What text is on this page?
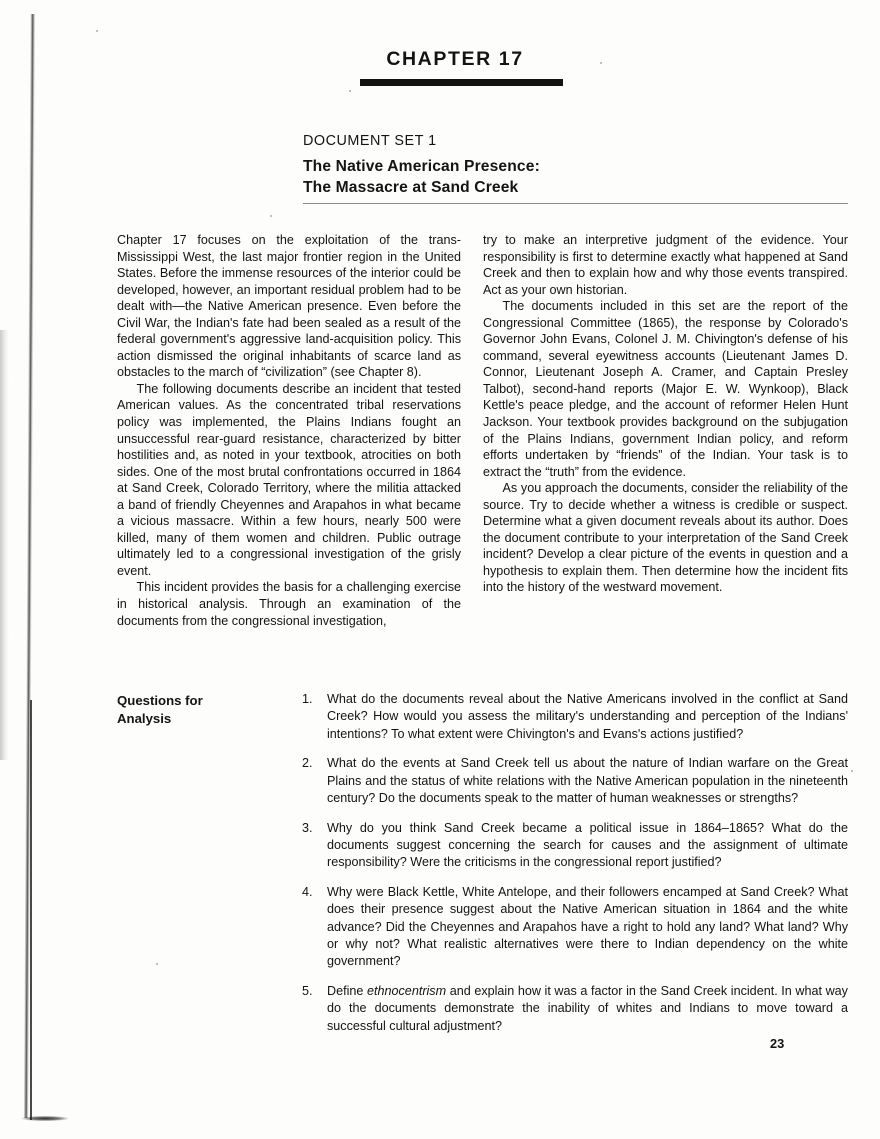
CHAPTER 17
DOCUMENT SET 1
The Native American Presence:
The Massacre at Sand Creek

Chapter 17 focuses on the exploitation of the trans-Mississippi West, the last major frontier region in the United States. Before the immense resources of the interior could be developed, however, an important residual problem had to be dealt with—the Native American presence. Even before the Civil War, the Indian's fate had been sealed as a result of the federal government's aggressive land-acquisition policy. This action dismissed the original inhabitants of scarce land as obstacles to the march of “civilization” (see Chapter 8).

The following documents describe an incident that tested American values. As the concentrated tribal reservations policy was implemented, the Plains Indians fought an unsuccessful rear-guard resistance, characterized by bitter hostilities and, as noted in your textbook, atrocities on both sides. One of the most brutal confrontations occurred in 1864 at Sand Creek, Colorado Territory, where the militia attacked a band of friendly Cheyennes and Arapahos in what became a vicious massacre. Within a few hours, nearly 500 were killed, many of them women and children. Public outrage ultimately led to a congressional investigation of the grisly event.

This incident provides the basis for a challenging exercise in historical analysis. Through an examination of the documents from the congressional investigation,

try to make an interpretive judgment of the evidence. Your responsibility is first to determine exactly what happened at Sand Creek and then to explain how and why those events transpired. Act as your own historian.

The documents included in this set are the report of the Congressional Committee (1865), the response by Colorado's Governor John Evans, Colonel J. M. Chivington's defense of his command, several eyewitness accounts (Lieutenant James D. Connor, Lieutenant Joseph A. Cramer, and Captain Presley Talbot), second-hand reports (Major E. W. Wynkoop), Black Kettle's peace pledge, and the account of reformer Helen Hunt Jackson. Your textbook provides background on the subjugation of the Plains Indians, government Indian policy, and reform efforts undertaken by “friends” of the Indian. Your task is to extract the “truth” from the evidence.

As you approach the documents, consider the reliability of the source. Try to decide whether a witness is credible or suspect. Determine what a given document reveals about its author. Does the document contribute to your interpretation of the Sand Creek incident? Develop a clear picture of the events in question and a hypothesis to explain them. Then determine how the incident fits into the history of the westward movement.

Questions for
Analysis
1.	What do the documents reveal about the Native Americans involved in the conflict at Sand Creek? How would you assess the military's understanding and perception of the Indians' intentions? To what extent were Chivington's and Evans's actions justified?
2.	What do the events at Sand Creek tell us about the nature of Indian warfare on the Great Plains and the status of white relations with the Native American population in the nineteenth century? Do the documents speak to the matter of human weaknesses or strengths?
3.	Why do you think Sand Creek became a political issue in 1864–1865? What do the documents suggest concerning the search for causes and the assignment of ultimate responsibility? Were the criticisms in the congressional report justified?
4.	Why were Black Kettle, White Antelope, and their followers encamped at Sand Creek? What does their presence suggest about the Native American situation in 1864 and the white advance? Did the Cheyennes and Arapahos have a right to hold any land? What land? Why or why not? What realistic alternatives were there to Indian dependency on the white government?
5.	Define ethnocentrism and explain how it was a factor in the Sand Creek incident. In what way do the documents demonstrate the inability of whites and Indians to move toward a successful cultural adjustment?
23
